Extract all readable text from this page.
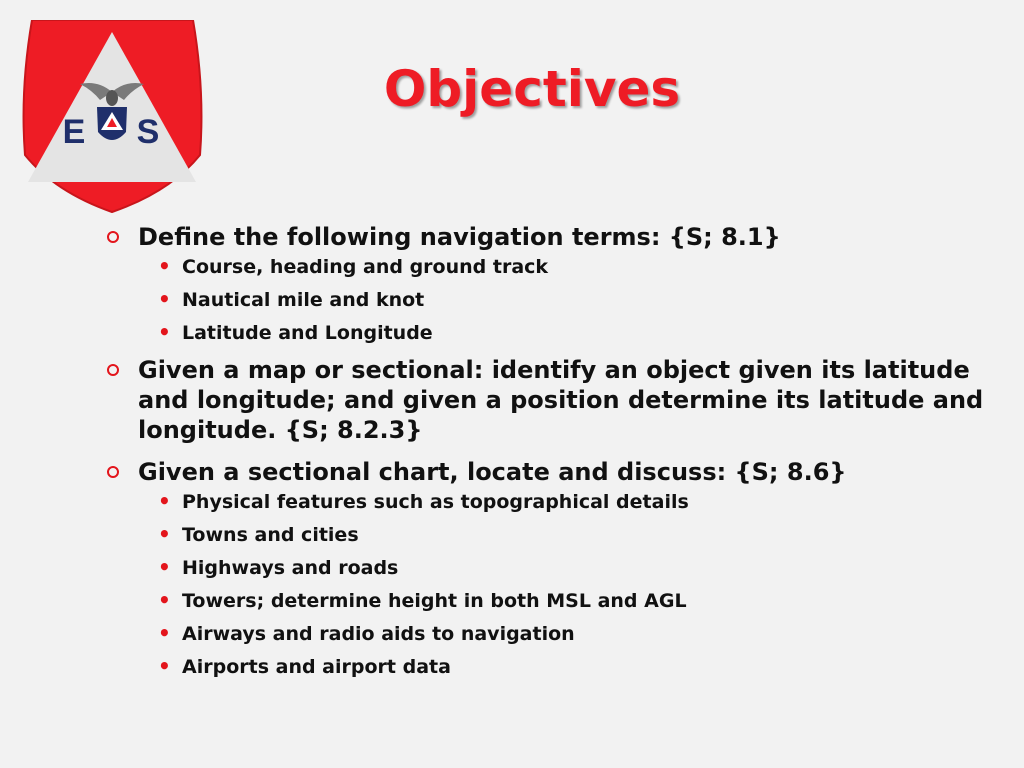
E S
Objectives
Define the following navigation terms: {S; 8.1}
• Course, heading and ground track
• Nautical mile and knot
• Latitude and Longitude
Given a map or sectional: identify an object given its latitude and longitude; and given a position determine its latitude and longitude. {S; 8.2.3}
Given a sectional chart, locate and discuss: {S; 8.6}
• Physical features such as topographical details
• Towns and cities
• Highways and roads
• Towers; determine height in both MSL and AGL
• Airways and radio aids to navigation
• Airports and airport data
